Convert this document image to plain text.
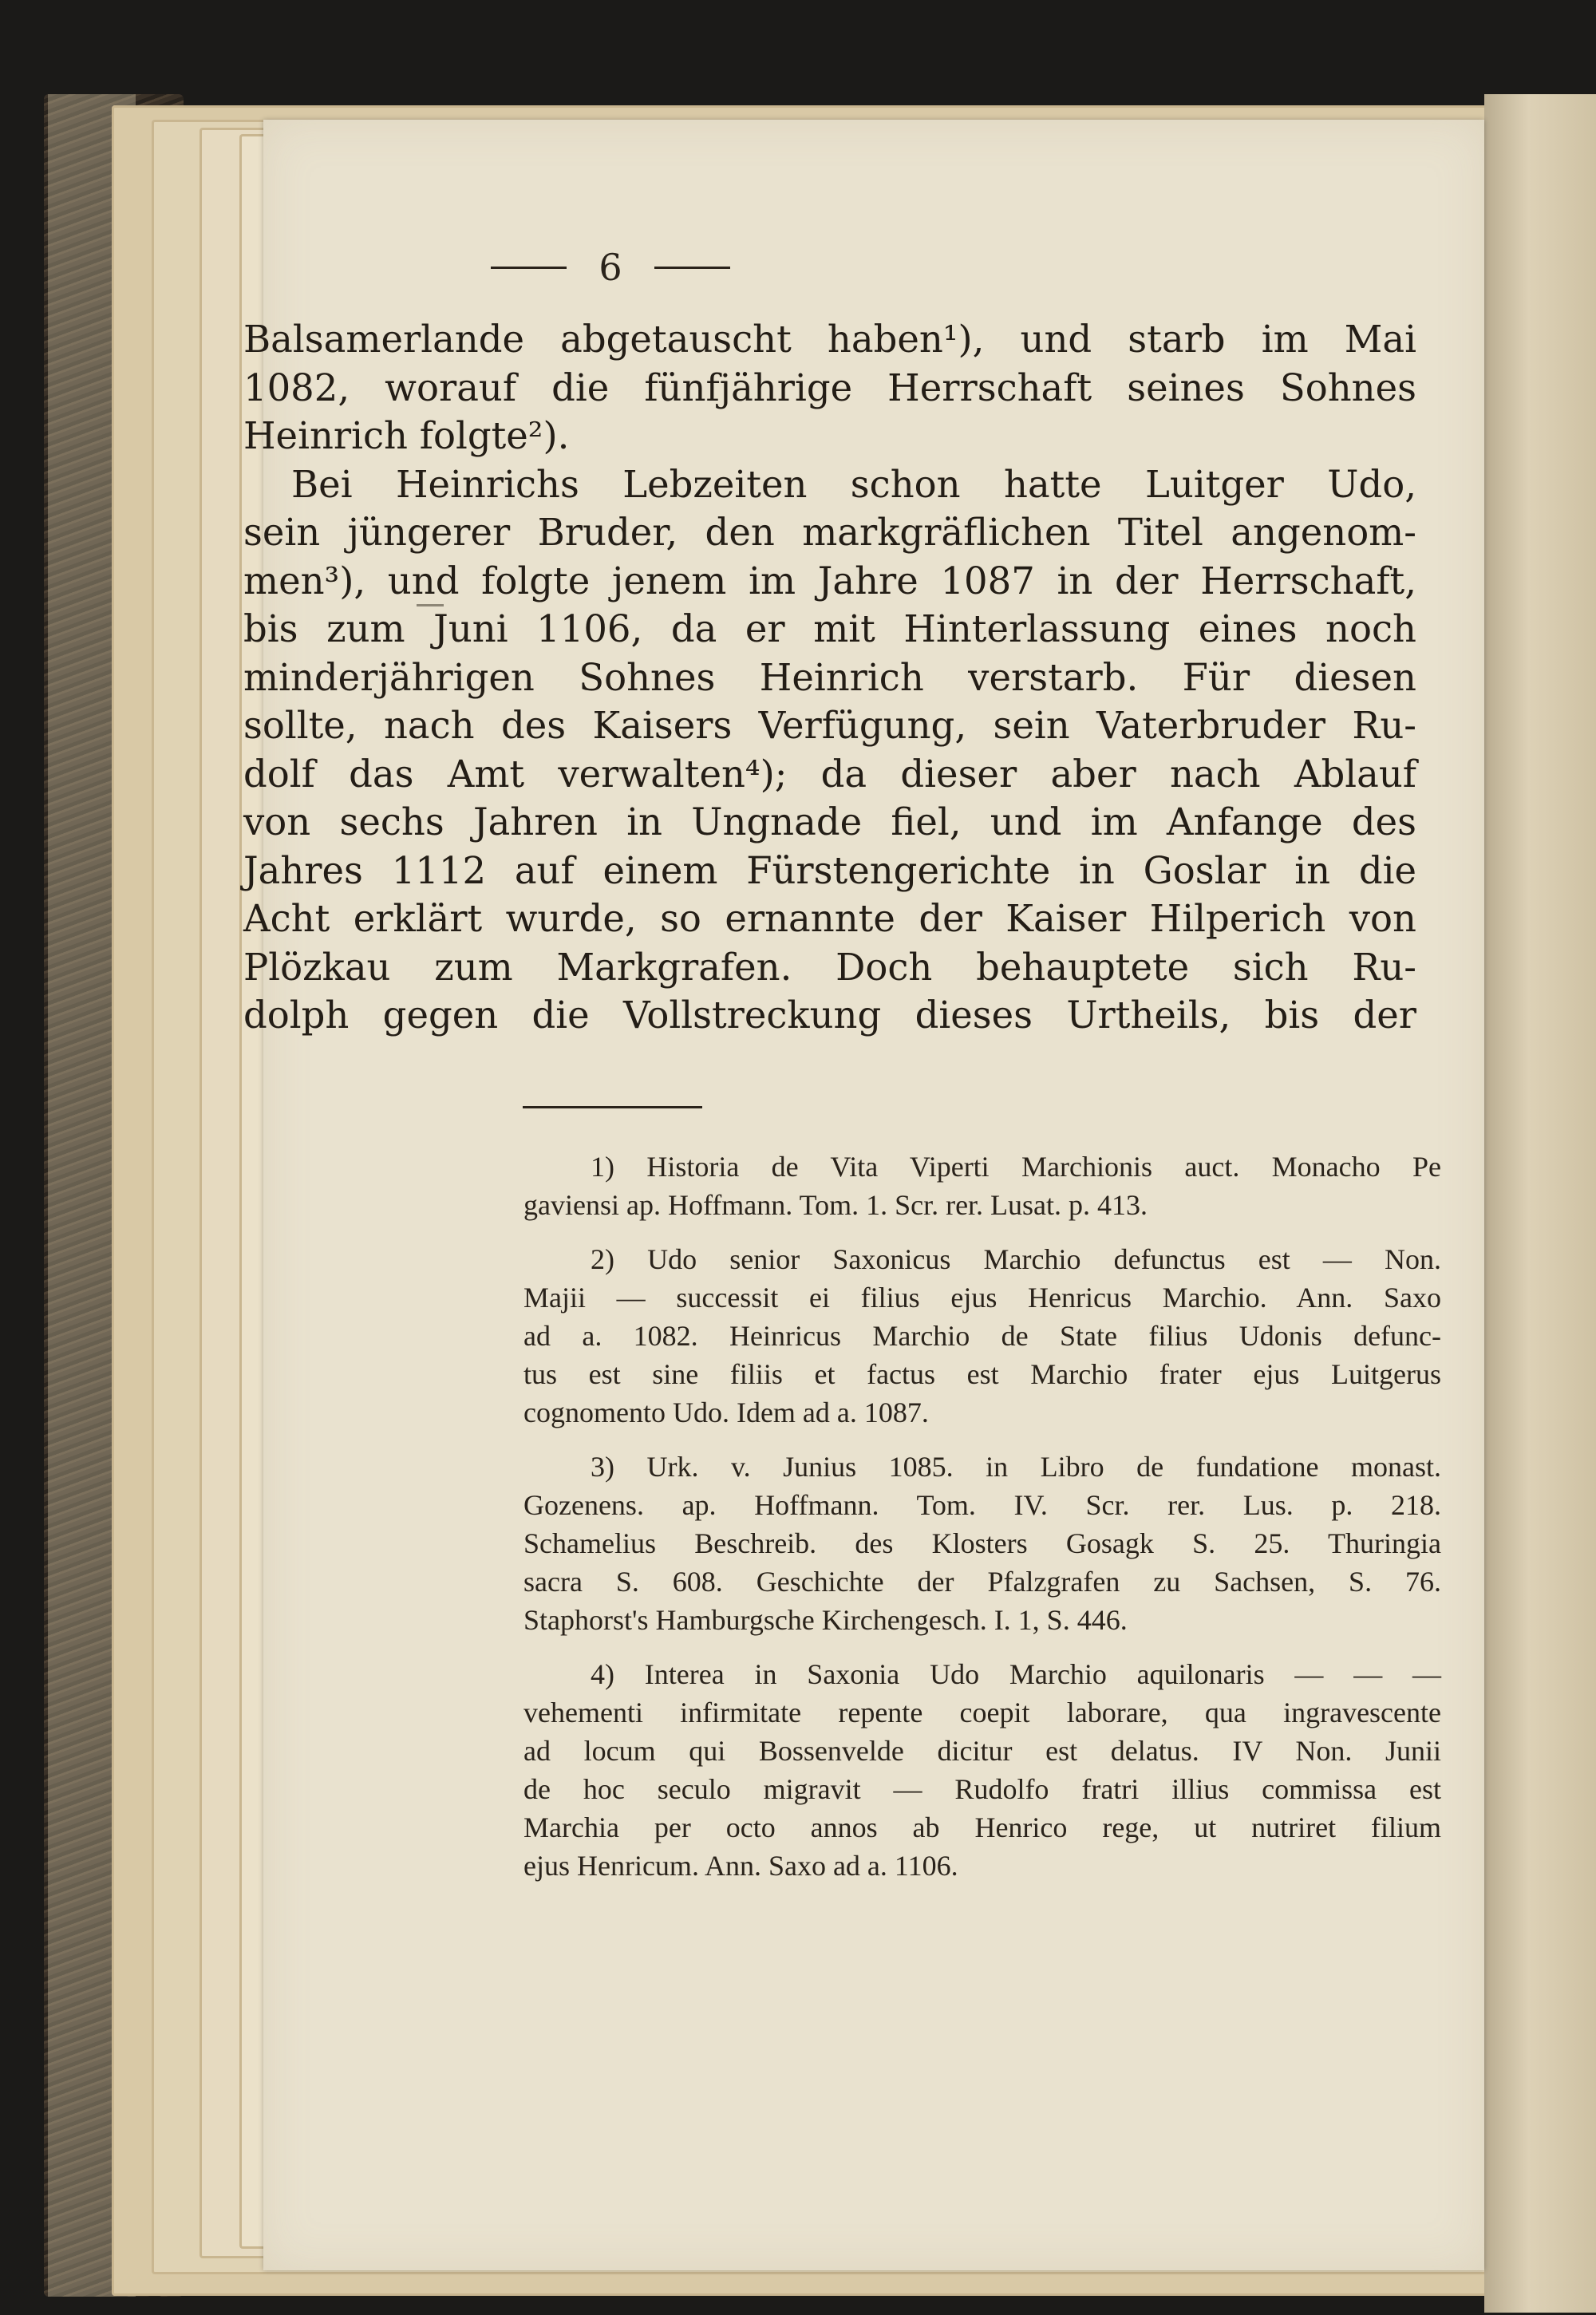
6
Balsamerlande abgetauscht haben¹), und starb im Mai
1082, worauf die fünfjährige Herrschaft seines Sohnes
Heinrich folgte²).
Bei Heinrichs Lebzeiten schon hatte Luitger Udo,
sein jüngerer Bruder, den markgräflichen Titel angenom-
men³), und folgte jenem im Jahre 1087 in der Herrschaft,
bis zum Juni 1106, da er mit Hinterlassung eines noch
minderjährigen Sohnes Heinrich verstarb. Für diesen
sollte, nach des Kaisers Verfügung, sein Vaterbruder Ru-
dolf das Amt verwalten⁴); da dieser aber nach Ablauf
von sechs Jahren in Ungnade fiel, und im Anfange des
Jahres 1112 auf einem Fürstengerichte in Goslar in die
Acht erklärt wurde, so ernannte der Kaiser Hilperich von
Plözkau zum Markgrafen. Doch behauptete sich Ru-
dolph gegen die Vollstreckung dieses Urtheils, bis der
1) Historia de Vita Viperti Marchionis auct. Monacho Pe
gaviensi ap. Hoffmann. Tom. 1. Scr. rer. Lusat. p. 413.
2) Udo senior Saxonicus Marchio defunctus est — Non.
Majii — successit ei filius ejus Henricus Marchio. Ann. Saxo
ad a. 1082. Heinricus Marchio de State filius Udonis defunc-
tus est sine filiis et factus est Marchio frater ejus Luitgerus
cognomento Udo. Idem ad a. 1087.
3) Urk. v. Junius 1085. in Libro de fundatione monast.
Gozenens. ap. Hoffmann. Tom. IV. Scr. rer. Lus. p. 218.
Schamelius Beschreib. des Klosters Gosagk S. 25. Thuringia
sacra S. 608. Geschichte der Pfalzgrafen zu Sachsen, S. 76.
Staphorst's Hamburgsche Kirchengesch. I. 1, S. 446.
4) Interea in Saxonia Udo Marchio aquilonaris — — —
vehementi infirmitate repente coepit laborare, qua ingravescente
ad locum qui Bossenvelde dicitur est delatus. IV Non. Junii
de hoc seculo migravit — Rudolfo fratri illius commissa est
Marchia per octo annos ab Henrico rege, ut nutriret filium
ejus Henricum. Ann. Saxo ad a. 1106.
